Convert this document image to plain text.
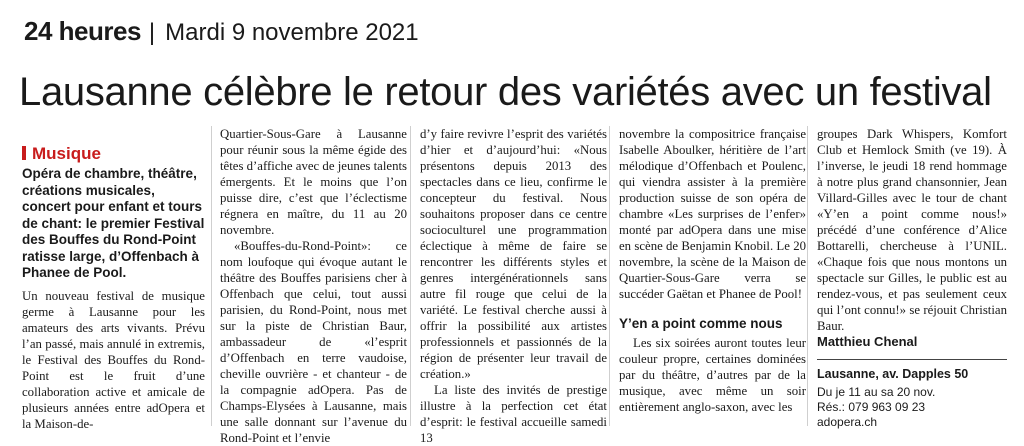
24 heures | Mardi 9 novembre 2021
Lausanne célèbre le retour des variétés avec un festival

Musique

Opéra de chambre, théâtre, créations musicales, concert pour enfant et tours de chant: le premier Festival des Bouffes du Rond-Point ratisse large, d’Offenbach à Phanee de Pool.

Un nouveau festival de musique germe à Lausanne pour les amateurs des arts vivants. Prévu l’an passé, mais annulé in extremis, le Festival des Bouffes du Rond-Point est le fruit d’une collaboration active et amicale de plusieurs années entre adOpera et la Maison-de-

Quartier-Sous-Gare à Lausanne pour réunir sous la même égide des têtes d’affiche avec de jeunes talents émergents. Et le moins que l’on puisse dire, c’est que l’éclectisme régnera en maître, du 11 au 20 novembre.

«Bouffes-du-Rond-Point»: ce nom loufoque qui évoque autant le théâtre des Bouffes parisiens cher à Offenbach que celui, tout aussi parisien, du Rond-Point, nous met sur la piste de Christian Baur, ambassadeur de «l’esprit d’Offenbach en terre vaudoise, cheville ouvrière - et chanteur - de la compagnie adOpera. Pas de Champs-Elysées à Lausanne, mais une salle donnant sur l’avenue du Rond-Point et l’envie

d’y faire revivre l’esprit des variétés d’hier et d’aujourd’hui: «Nous présentons depuis 2013 des spectacles dans ce lieu, confirme le concepteur du festival. Nous souhaitons proposer dans ce centre socioculturel une programmation éclectique à même de faire se rencontrer les différents styles et genres intergénérationnels sans autre fil rouge que celui de la variété. Le festival cherche aussi à offrir la possibilité aux artistes professionnels et passionnés de la région de présenter leur travail de création.»

La liste des invités de prestige illustre à la perfection cet état d’esprit: le festival accueille samedi 13

novembre la compositrice française Isabelle Aboulker, héritière de l’art mélodique d’Offenbach et Poulenc, qui viendra assister à la première production suisse de son opéra de chambre «Les surprises de l’enfer» monté par adOpera dans une mise en scène de Benjamin Knobil. Le 20 novembre, la scène de la Maison de Quartier-Sous-Gare verra se succéder Gaëtan et Phanee de Pool!

Y’en a point comme nous

Les six soirées auront toutes leur couleur propre, certaines dominées par du théâtre, d’autres par de la musique, avec même un soir entièrement anglo-saxon, avec les

groupes Dark Whispers, Komfort Club et Hemlock Smith (ve 19). À l’inverse, le jeudi 18 rend hommage à notre plus grand chansonnier, Jean Villard-Gilles avec le tour de chant «Y’en a point comme nous!» précédé d’une conférence d’Alice Bottarelli, chercheuse à l’UNIL. «Chaque fois que nous montons un spectacle sur Gilles, le public est au rendez-vous, et pas seulement ceux qui l’ont connu!» se réjouit Christian Baur.

Matthieu Chenal

Lausanne, av. Dapples 50
Du je 11 au sa 20 nov.
Rés.: 079 963 09 23
adopera.ch
